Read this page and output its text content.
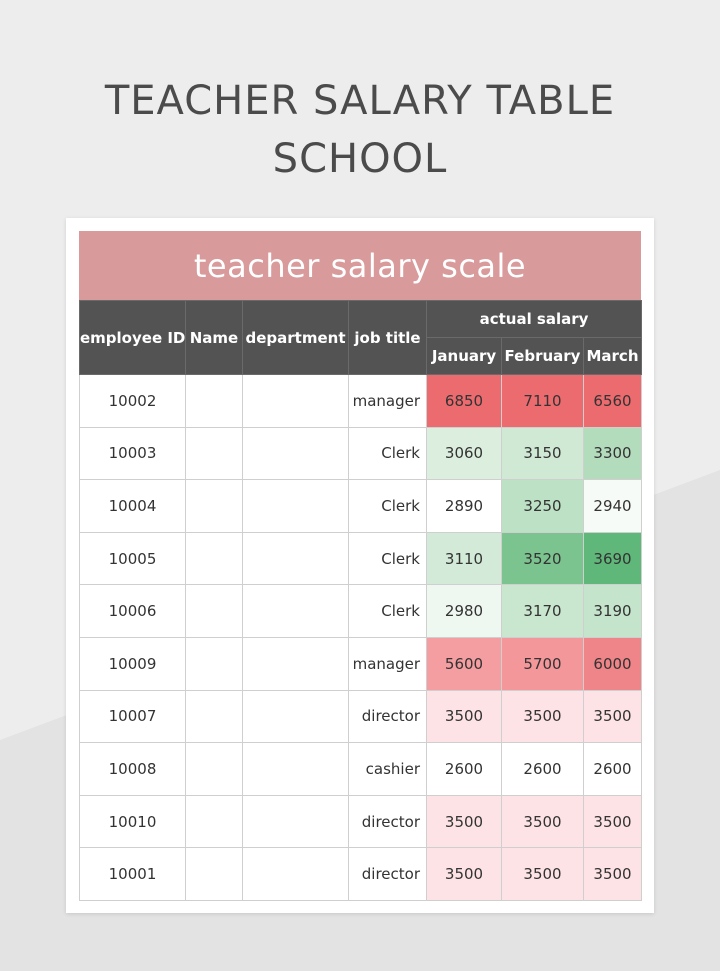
TEACHER SALARY TABLE
SCHOOL
teacher salary scale
employee ID	Name	department	job title	actual salary		
				January	February	March
10002			manager	6850	7110	6560
10003			Clerk	3060	3150	3300
10004			Clerk	2890	3250	2940
10005			Clerk	3110	3520	3690
10006			Clerk	2980	3170	3190
10009			manager	5600	5700	6000
10007			director	3500	3500	3500
10008			cashier	2600	2600	2600
10010			director	3500	3500	3500
10001			director	3500	3500	3500
